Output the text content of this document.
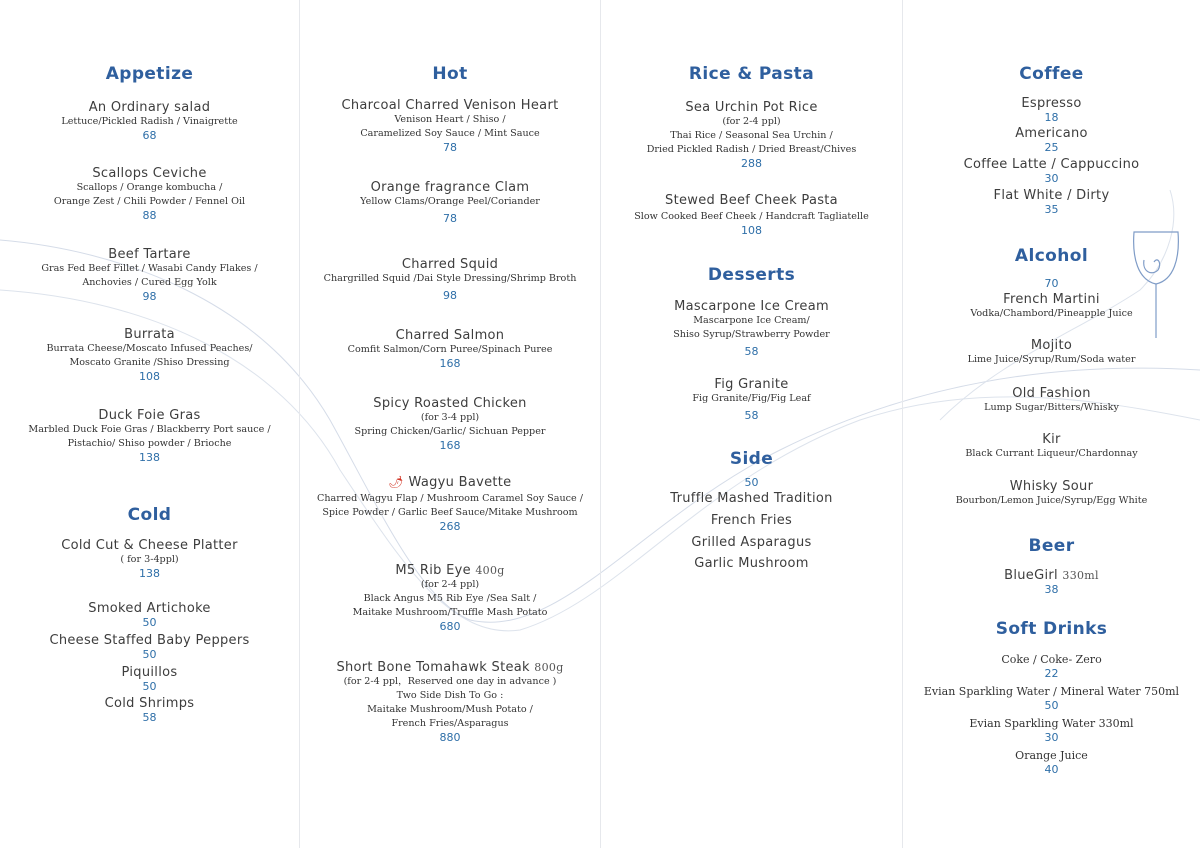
Appetize
An Ordinary salad
Lettuce/Pickled Radish / Vinaigrette
68
Scallops Ceviche
Scallops / Orange kombucha /
Orange Zest / Chili Powder / Fennel Oil
88
Beef Tartare
Gras Fed Beef Fillet / Wasabi Candy Flakes /
Anchovies / Cured Egg Yolk
98
Burrata
Burrata Cheese/Moscato Infused Peaches/
Moscato Granite /Shiso Dressing
108
Duck Foie Gras
Marbled Duck Foie Gras / Blackberry Port sauce /
Pistachio/ Shiso powder / Brioche
138
Cold
Cold Cut & Cheese Platter
( for 3-4ppl)
138
Smoked Artichoke
50
Cheese Staffed Baby Peppers
50
Piquillos
50
Cold Shrimps
58
Hot
Charcoal Charred Venison Heart
Venison Heart / Shiso /
Caramelized Soy Sauce / Mint Sauce
78
Orange fragrance Clam
Yellow Clams/Orange Peel/Coriander
78
Charred Squid
Chargrilled Squid /Dai Style Dressing/Shrimp Broth
98
Charred Salmon
Comfit Salmon/Corn Puree/Spinach Puree
168
Spicy Roasted Chicken
(for 3-4 ppl)
Spring Chicken/Garlic/ Sichuan Pepper
168
🌶 Wagyu Bavette
Charred Wagyu Flap / Mushroom Caramel Soy Sauce /
Spice Powder / Garlic Beef Sauce/Mitake Mushroom
268
M5 Rib Eye 400g
(for 2-4 ppl)
Black Angus M5 Rib Eye /Sea Salt /
Maitake Mushroom/Truffle Mash Potato
680
Short Bone Tomahawk Steak 800g
(for 2-4 ppl，Reserved one day in advance )
Two Side Dish To Go :
Maitake Mushroom/Mush Potato /
French Fries/Asparagus
880
Rice & Pasta
Sea Urchin Pot Rice
(for 2-4 ppl)
Thai Rice / Seasonal Sea Urchin /
Dried Pickled Radish / Dried Breast/Chives
288
Stewed Beef Cheek Pasta
Slow Cooked Beef Cheek / Handcraft Tagliatelle
108
Desserts
Mascarpone Ice Cream
Mascarpone Ice Cream/
Shiso Syrup/Strawberry Powder
58
Fig Granite
Fig Granite/Fig/Fig Leaf
58
Side
50
Truffle Mashed Tradition
French Fries
Grilled Asparagus
Garlic Mushroom
Coffee
Espresso
18
Americano
25
Coffee Latte / Cappuccino
30
Flat White / Dirty
35
Alcohol
70
French Martini
Vodka/Chambord/Pineapple Juice
Mojito
Lime Juice/Syrup/Rum/Soda water
Old Fashion
Lump Sugar/Bitters/Whisky
Kir
Black Currant Liqueur/Chardonnay
Whisky Sour
Bourbon/Lemon Juice/Syrup/Egg White
Beer
BlueGirl 330ml
38
Soft Drinks
Coke / Coke- Zero
22
Evian Sparkling Water / Mineral Water 750ml
50
Evian Sparkling Water 330ml
30
Orange Juice
40
